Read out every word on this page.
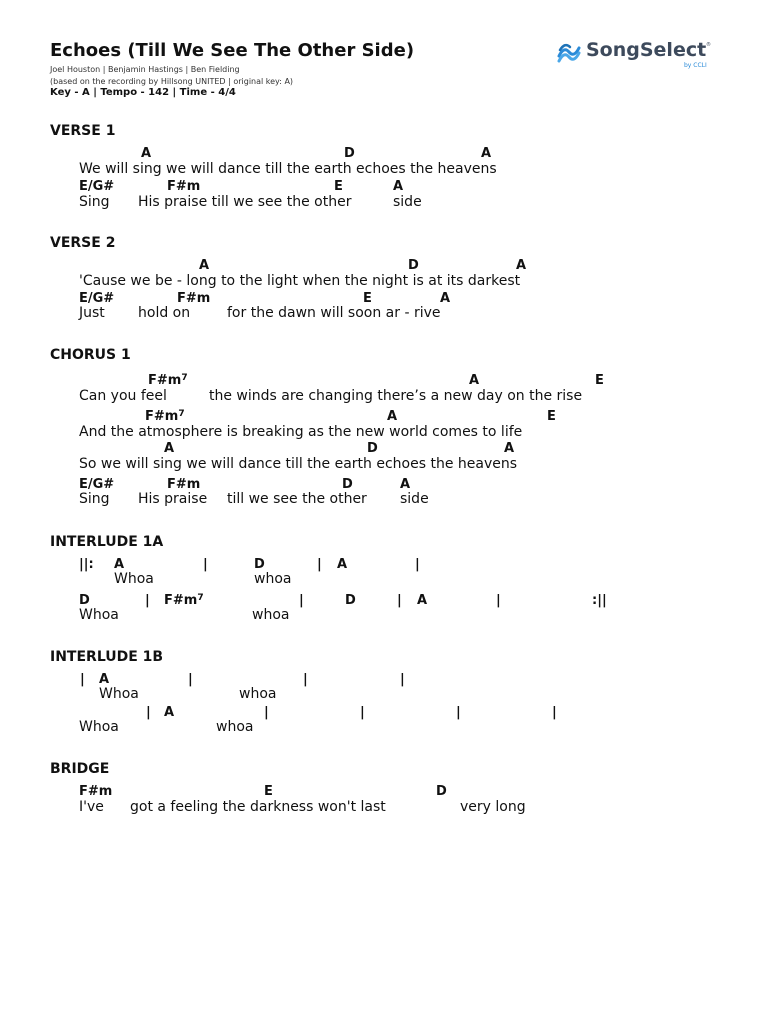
Echoes (Till We See The Other Side)
Joel Houston | Benjamin Hastings | Ben Fielding
(based on the recording by Hillsong UNITED | original key: A)
Key - A | Tempo - 142 | Time - 4/4

SongSelect

®

by CCLI

VERSE 1
A	D	A
We will sing we will dance till the earth echoes the heavens
E/G#	F#m	E	A
Sing His praise till we see the other	side
VERSE 2
A	D	A
'Cause we be - long to the light when the night is at its darkest
E/G#	F#m	E	A
Just hold on	for the dawn will soon ar - rive
CHORUS 1
$F\#m^7$	A	E
Can you feel	the winds are changing there’s a new day on the rise
$F\#m^7$	A	E
And the atmosphere is breaking as the new world comes to life
A	D	A
So we will sing we will dance till the earth echoes the heavens
E/G#	F#m	D	A
Sing His praise till we see the other side
INTERLUDE 1A
||: A	|	D	| A	|
Whoa	whoa
D	| $F\#m^7$	|	D	| A	|	:||
Whoa	whoa
INTERLUDE 1B
| A	|	|	|
Whoa	whoa
| A	|	|	|	|
Whoa	whoa
BRIDGE
F#m	E	D
I've got a feeling the darkness won't last	very long
